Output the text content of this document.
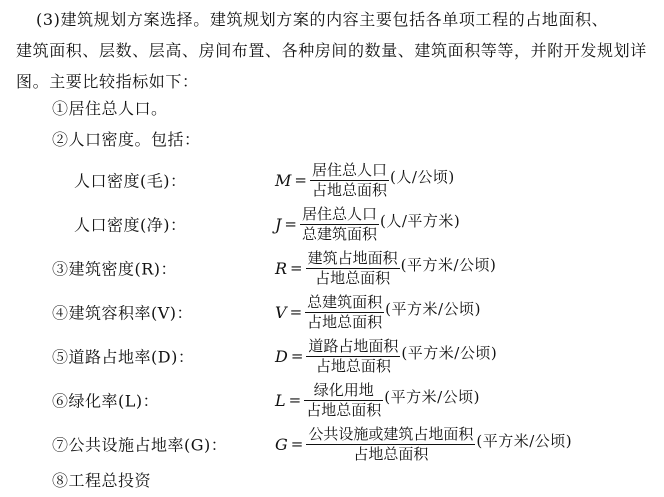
(3)建筑规划方案选择。建筑规划方案的内容主要包括各单项工程的占地面积、
建筑面积、层数、层高、房间布置、各种房间的数量、建筑面积等等，并附开发规划详
图。主要比较指标如下：
①居住总人口。
②人口密度。包括：
人口密度(毛)：	$M = \frac{\text{居住总人口}}{\text{占地总面积}}$ (人/公顷)
人口密度(净)：	$J = \frac{\text{居住总人口}}{\text{总建筑面积}}$ (人/平方米)
③建筑密度(R)：	$R = \frac{\text{建筑占地面积}}{\text{占地总面积}}$ (平方米/公顷)
④建筑容积率(V)：	$V = \frac{\text{总建筑面积}}{\text{占地总面积}}$ (平方米/公顷)
⑤道路占地率(D)：	$D = \frac{\text{道路占地面积}}{\text{占地总面积}}$ (平方米/公顷)
⑥绿化率(L)：	$L = \frac{\text{绿化用地}}{\text{占地总面积}}$ (平方米/公顷)
⑦公共设施占地率(G)：	$G = \frac{\text{公共设施或建筑占地面积}}{\text{占地总面积}}$ (平方米/公顷)
⑧工程总投资
